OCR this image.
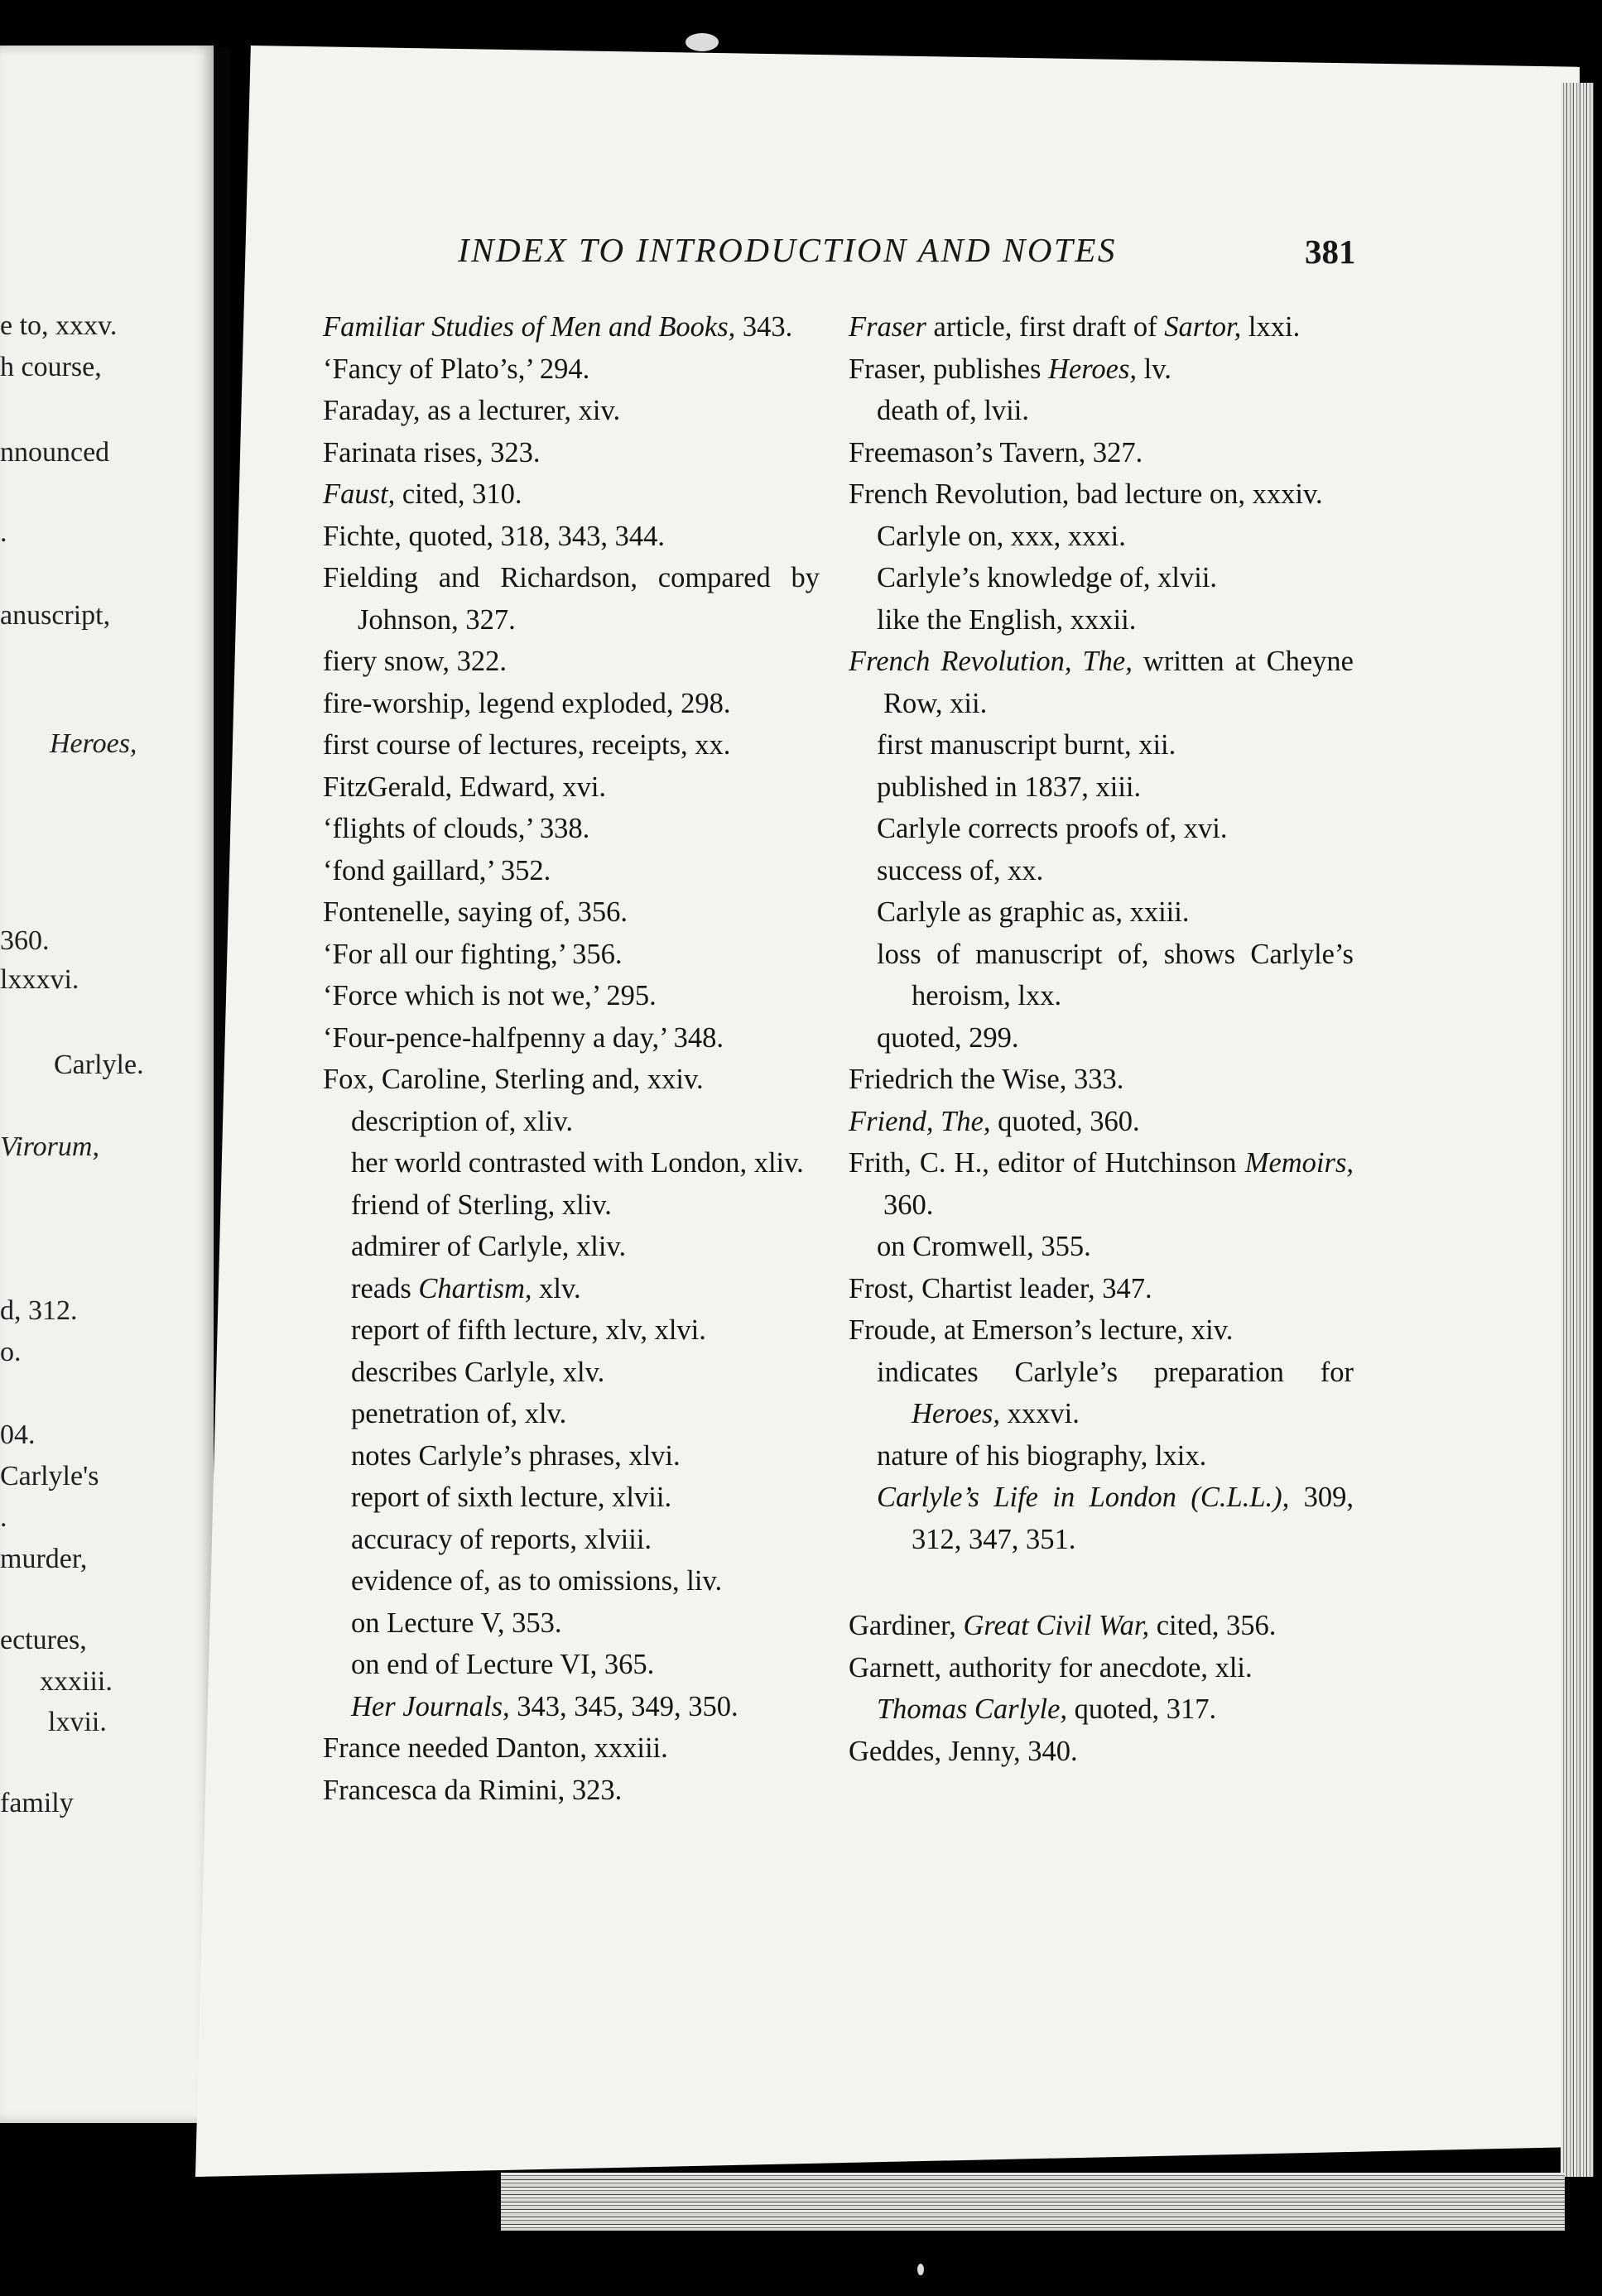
e to, xxxv.
h course,
nnounced
.
anuscript,
Heroes,
360.
lxxxvi.
Carlyle.
Virorum,
d, 312.
o.
04.
Carlyle's
.
murder,
ectures,
xxxiii.
lxvii.
family
INDEX TO INTRODUCTION AND NOTES	381
Familiar Studies of Men and Books, 343.
‘Fancy of Plato’s,’ 294.
Faraday, as a lecturer, xiv.
Farinata rises, 323.
Faust, cited, 310.
Fichte, quoted, 318, 343, 344.
Fielding and Richardson, compared by Johnson, 327.
fiery snow, 322.
fire-worship, legend exploded, 298.
first course of lectures, receipts, xx.
FitzGerald, Edward, xvi.
‘flights of clouds,’ 338.
‘fond gaillard,’ 352.
Fontenelle, saying of, 356.
‘For all our fighting,’ 356.
‘Force which is not we,’ 295.
‘Four-pence-halfpenny a day,’ 348.
Fox, Caroline, Sterling and, xxiv.
description of, xliv.
her world contrasted with London, xliv.
friend of Sterling, xliv.
admirer of Carlyle, xliv.
reads Chartism, xlv.
report of fifth lecture, xlv, xlvi.
describes Carlyle, xlv.
penetration of, xlv.
notes Carlyle’s phrases, xlvi.
report of sixth lecture, xlvii.
accuracy of reports, xlviii.
evidence of, as to omissions, liv.
on Lecture V, 353.
on end of Lecture VI, 365.
Her Journals, 343, 345, 349, 350.
France needed Danton, xxxiii.
Francesca da Rimini, 323.
Fraser article, first draft of Sartor, lxxi.
Fraser, publishes Heroes, lv.
death of, lvii.
Freemason’s Tavern, 327.
French Revolution, bad lecture on, xxxiv.
Carlyle on, xxx, xxxi.
Carlyle’s knowledge of, xlvii.
like the English, xxxii.
French Revolution, The, written at Cheyne Row, xii.
first manuscript burnt, xii.
published in 1837, xiii.
Carlyle corrects proofs of, xvi.
success of, xx.
Carlyle as graphic as, xxiii.
loss of manuscript of, shows Carlyle’s heroism, lxx.
quoted, 299.
Friedrich the Wise, 333.
Friend, The, quoted, 360.
Frith, C. H., editor of Hutchinson Memoirs, 360.
on Cromwell, 355.
Frost, Chartist leader, 347.
Froude, at Emerson’s lecture, xiv.
indicates Carlyle’s preparation for Heroes, xxxvi.
nature of his biography, lxix.
Carlyle’s Life in London (C.L.L.), 309, 312, 347, 351.
Gardiner, Great Civil War, cited, 356.
Garnett, authority for anecdote, xli.
Thomas Carlyle, quoted, 317.
Geddes, Jenny, 340.
